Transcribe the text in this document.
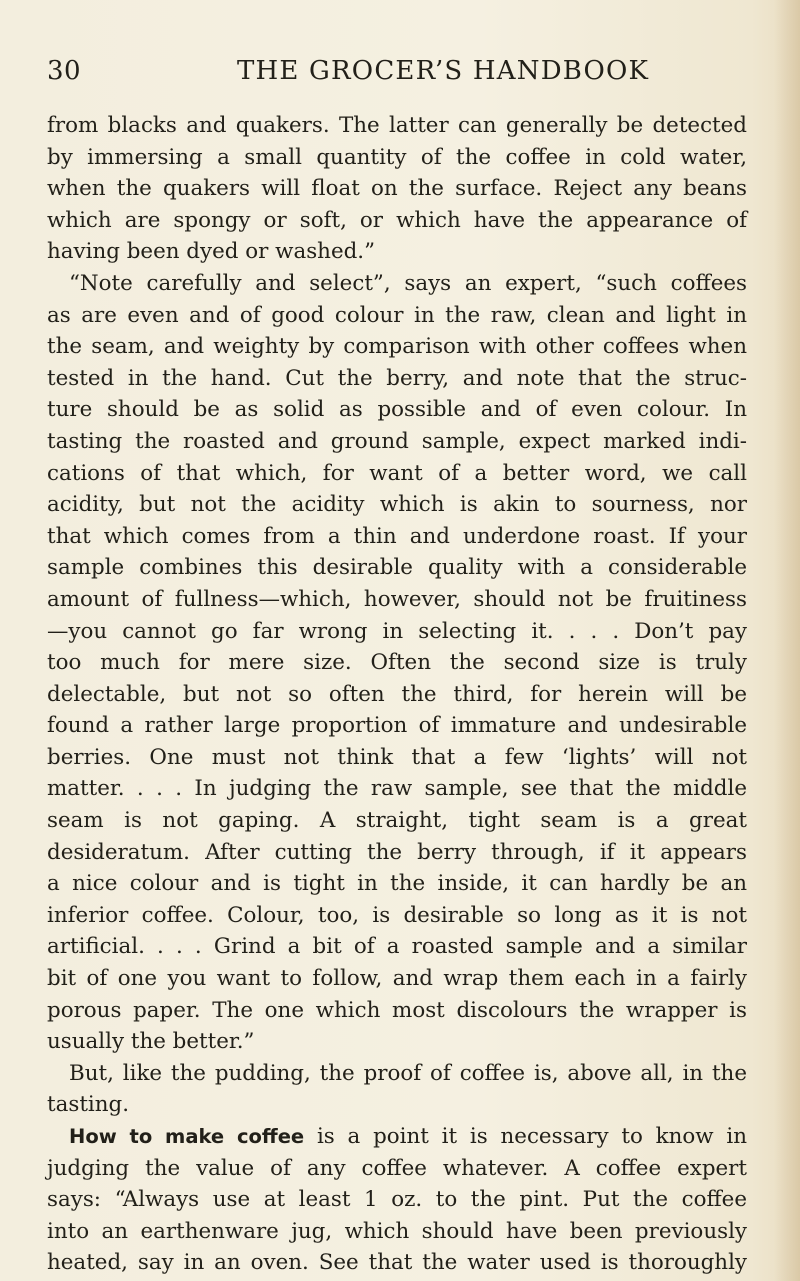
30	THE GROCER’S HANDBOOK
from blacks and quakers. The latter can generally be detected
by immersing a small quantity of the coffee in cold water,
when the quakers will float on the surface. Reject any beans
which are spongy or soft, or which have the appearance of
having been dyed or washed.”
“Note carefully and select”, says an expert, “such coffees
as are even and of good colour in the raw, clean and light in
the seam, and weighty by comparison with other coffees when
tested in the hand. Cut the berry, and note that the struc-
ture should be as solid as possible and of even colour. In
tasting the roasted and ground sample, expect marked indi-
cations of that which, for want of a better word, we call
acidity, but not the acidity which is akin to sourness, nor
that which comes from a thin and underdone roast. If your
sample combines this desirable quality with a considerable
amount of fullness—which, however, should not be fruitiness
—you cannot go far wrong in selecting it. . . . Don’t pay
too much for mere size. Often the second size is truly
delectable, but not so often the third, for herein will be
found a rather large proportion of immature and undesirable
berries. One must not think that a few ‘lights’ will not
matter. . . . In judging the raw sample, see that the middle
seam is not gaping. A straight, tight seam is a great
desideratum. After cutting the berry through, if it appears
a nice colour and is tight in the inside, it can hardly be an
inferior coffee. Colour, too, is desirable so long as it is not
artificial. . . . Grind a bit of a roasted sample and a similar
bit of one you want to follow, and wrap them each in a fairly
porous paper. The one which most discolours the wrapper is
usually the better.”
But, like the pudding, the proof of coffee is, above all, in the
tasting.
How to make coffee is a point it is necessary to know in
judging the value of any coffee whatever. A coffee expert
says: “Always use at least 1 oz. to the pint. Put the coffee
into an earthenware jug, which should have been previously
heated, say in an oven. See that the water used is thoroughly
